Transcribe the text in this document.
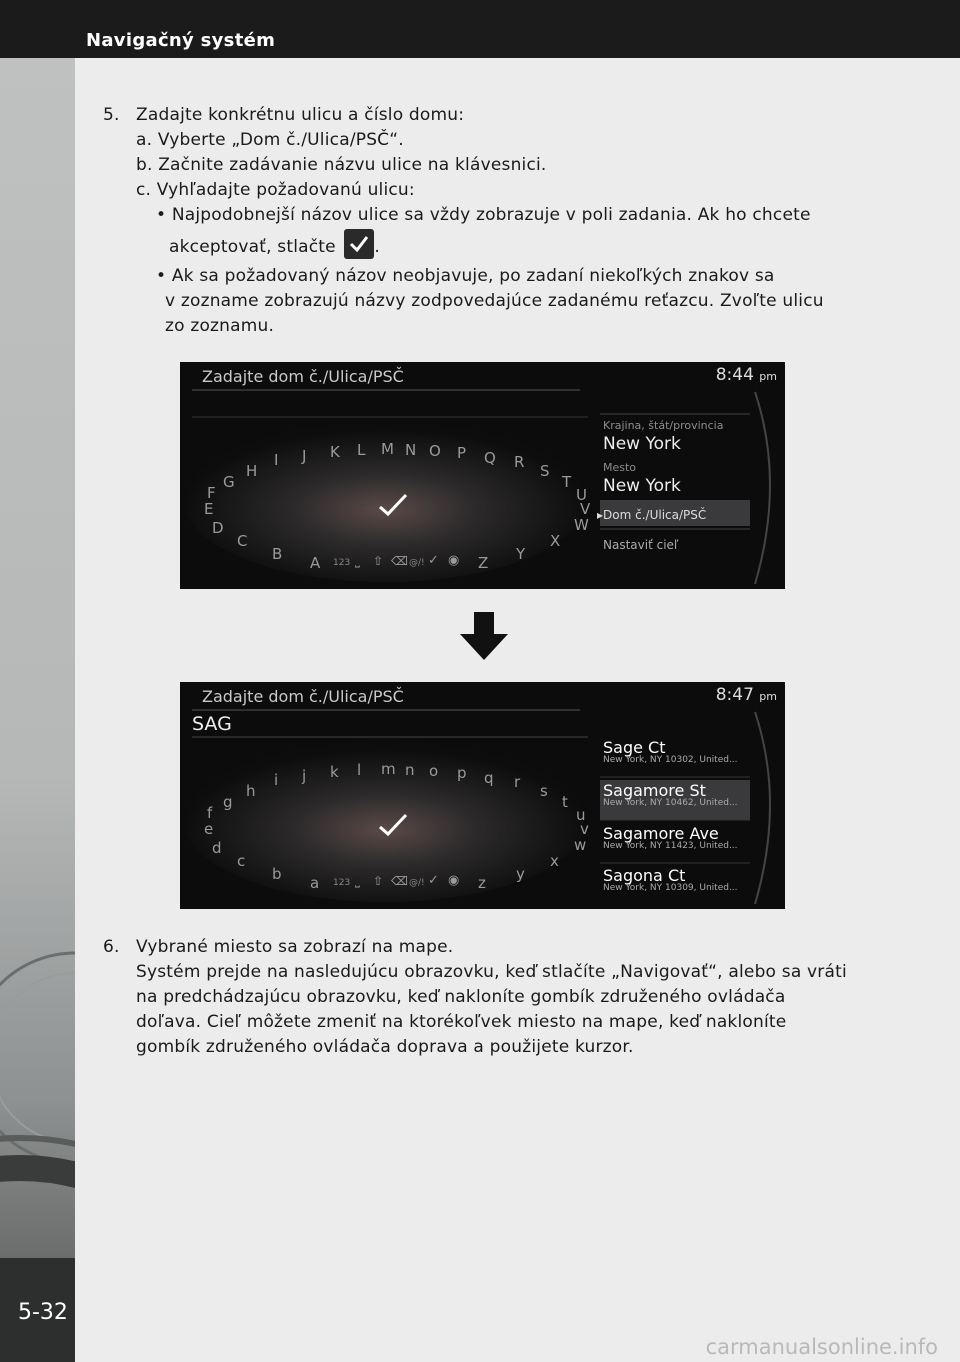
Navigačný systém
5-32
5. Zadajte konkrétnu ulicu a číslo domu:
a. Vyberte „Dom č./Ulica/PSČ“.
b. Začnite zadávanie názvu ulice na klávesnici.
c. Vyhľadajte požadovanú ulicu:
• Najpodobnejší názov ulice sa vždy zobrazuje v poli zadania. Ak ho chcete
akceptovať, stlačte .
• Ak sa požadovaný názov neobjavuje, po zadaní niekoľkých znakov sa
v zozname zobrazujú názvy zodpovedajúce zadanému reťazcu. Zvoľte ulicu
zo zoznamu.
Zadajte dom č./Ulica/PSČ	8:44 pm
A
B
C
D
E
F
G
H
I J K L M N O P Q R S
T
U
V
W
X
Y
Z
123 ⎵ ⇧ ⌫ @/! ✓ ◉
Krajina, štát/provincia
New York
Mesto
New York
▸Dom č./Ulica/PSČ
Nastaviť cieľ
Zadajte dom č./Ulica/PSČ	8:47 pm
SAG
a
b
c
d
e
f
g
h
i j k l m n o p q r s
t
u
v
w
x
y
z
123 ⎵ ⇧ ⌫ @/! ✓ ◉
Sage Ct
New York, NY 10302, United...
Sagamore St
New York, NY 10462, United...
Sagamore Ave
New York, NY 11423, United...
Sagona Ct
New York, NY 10309, United...
6. Vybrané miesto sa zobrazí na mape.
Systém prejde na nasledujúcu obrazovku, keď stlačíte „Navigovať“, alebo sa vráti
na predchádzajúcu obrazovku, keď nakloníte gombík združeného ovládača
doľava. Cieľ môžete zmeniť na ktorékoľvek miesto na mape, keď nakloníte
gombík združeného ovládača doprava a použijete kurzor.
carmanualsonline.info
